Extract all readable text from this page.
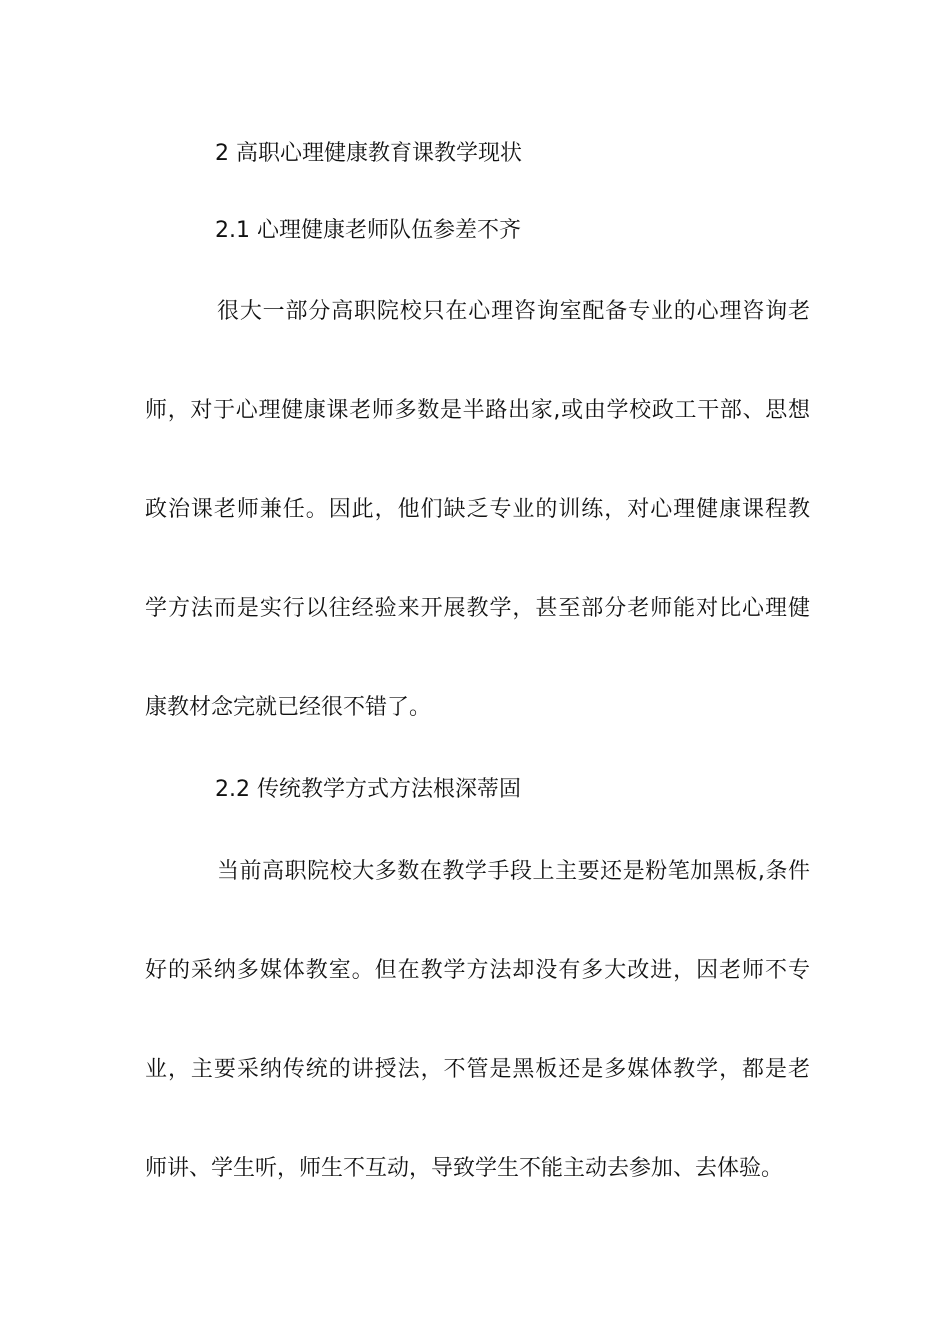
2 高职心理健康教育课教学现状
2.1 心理健康老师队伍参差不齐
很大一部分高职院校只在心理咨询室配备专业的心理咨询老
师，对于心理健康课老师多数是半路出家,或由学校政工干部、思想
政治课老师兼任。因此，他们缺乏专业的训练，对心理健康课程教
学方法而是实行以往经验来开展教学，甚至部分老师能对比心理健
康教材念完就已经很不错了。
2.2 传统教学方式方法根深蒂固
当前高职院校大多数在教学手段上主要还是粉笔加黑板,条件
好的采纳多媒体教室。但在教学方法却没有多大改进，因老师不专
业，主要采纳传统的讲授法，不管是黑板还是多媒体教学，都是老
师讲、学生听，师生不互动，导致学生不能主动去参加、去体验。
